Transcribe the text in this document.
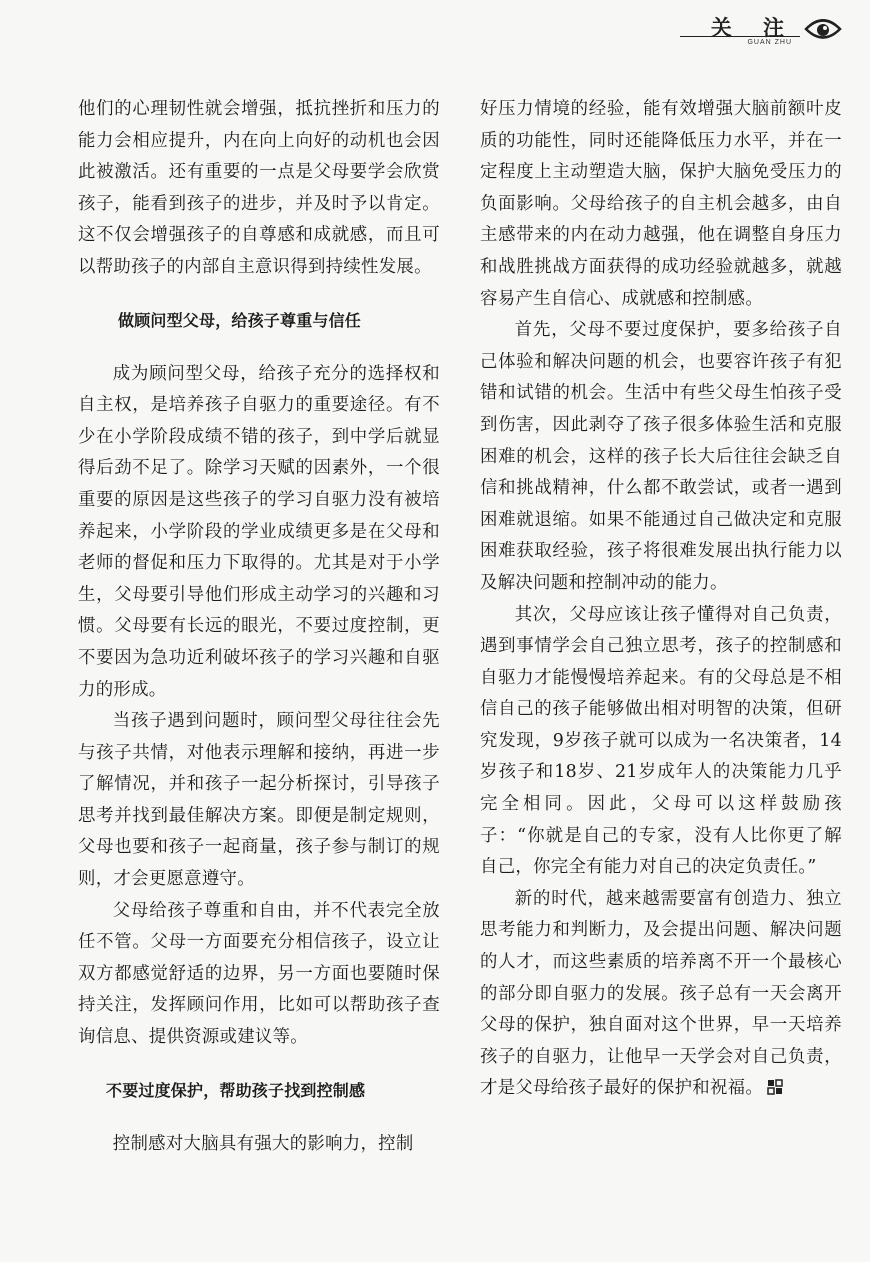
关 注
GUAN ZHU

他们的心理韧性就会增强，抵抗挫折和压力的能力会相应提升，内在向上向好的动机也会因此被激活。还有重要的一点是父母要学会欣赏孩子，能看到孩子的进步，并及时予以肯定。这不仅会增强孩子的自尊感和成就感，而且可以帮助孩子的内部自主意识得到持续性发展。

做顾问型父母，给孩子尊重与信任

成为顾问型父母，给孩子充分的选择权和自主权，是培养孩子自驱力的重要途径。有不少在小学阶段成绩不错的孩子，到中学后就显得后劲不足了。除学习天赋的因素外，一个很重要的原因是这些孩子的学习自驱力没有被培养起来，小学阶段的学业成绩更多是在父母和老师的督促和压力下取得的。尤其是对于小学生，父母要引导他们形成主动学习的兴趣和习惯。父母要有长远的眼光，不要过度控制，更不要因为急功近利破坏孩子的学习兴趣和自驱力的形成。

当孩子遇到问题时，顾问型父母往往会先与孩子共情，对他表示理解和接纳，再进一步了解情况，并和孩子一起分析探讨，引导孩子思考并找到最佳解决方案。即便是制定规则，父母也要和孩子一起商量，孩子参与制订的规则，才会更愿意遵守。

父母给孩子尊重和自由，并不代表完全放任不管。父母一方面要充分相信孩子，设立让双方都感觉舒适的边界，另一方面也要随时保持关注，发挥顾问作用，比如可以帮助孩子查询信息、提供资源或建议等。

不要过度保护，帮助孩子找到控制感

控制感对大脑具有强大的影响力，控制

好压力情境的经验，能有效增强大脑前额叶皮质的功能性，同时还能降低压力水平，并在一定程度上主动塑造大脑，保护大脑免受压力的负面影响。父母给孩子的自主机会越多，由自主感带来的内在动力越强，他在调整自身压力和战胜挑战方面获得的成功经验就越多，就越容易产生自信心、成就感和控制感。

首先，父母不要过度保护，要多给孩子自己体验和解决问题的机会，也要容许孩子有犯错和试错的机会。生活中有些父母生怕孩子受到伤害，因此剥夺了孩子很多体验生活和克服困难的机会，这样的孩子长大后往往会缺乏自信和挑战精神，什么都不敢尝试，或者一遇到困难就退缩。如果不能通过自己做决定和克服困难获取经验，孩子将很难发展出执行能力以及解决问题和控制冲动的能力。

其次，父母应该让孩子懂得对自己负责，遇到事情学会自己独立思考，孩子的控制感和自驱力才能慢慢培养起来。有的父母总是不相信自己的孩子能够做出相对明智的决策，但研究发现，9岁孩子就可以成为一名决策者，14岁孩子和18岁、21岁成年人的决策能力几乎完全相同。因此，父母可以这样鼓励孩子：“你就是自己的专家，没有人比你更了解自己，你完全有能力对自己的决定负责任。”

新的时代，越来越需要富有创造力、独立思考能力和判断力，及会提出问题、解决问题的人才，而这些素质的培养离不开一个最核心的部分即自驱力的发展。孩子总有一天会离开父母的保护，独自面对这个世界，早一天培养孩子的自驱力，让他早一天学会对自己负责，才是父母给孩子最好的保护和祝福。
